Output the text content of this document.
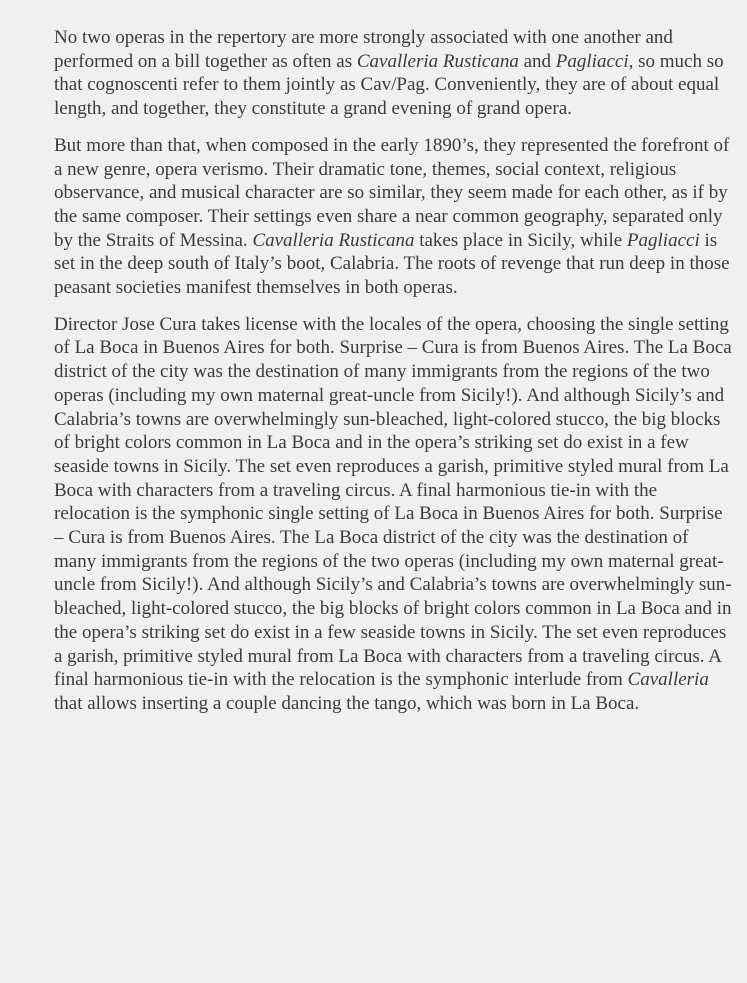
No two operas in the repertory are more strongly associated with one another and performed on a bill together as often as Cavalleria Rusticana and Pagliacci, so much so that cognoscenti refer to them jointly as Cav/Pag. Conveniently, they are of about equal length, and together, they constitute a grand evening of grand opera.

But more than that, when composed in the early 1890’s, they represented the forefront of a new genre, opera verismo. Their dramatic tone, themes, social context, religious observance, and musical character are so similar, they seem made for each other, as if by the same composer. Their settings even share a near common geography, separated only by the Straits of Messina. Cavalleria Rusticana takes place in Sicily, while Pagliacci is set in the deep south of Italy’s boot, Calabria. The roots of revenge that run deep in those peasant societies manifest themselves in both operas.

Director Jose Cura takes license with the locales of the opera, choosing the single setting of La Boca in Buenos Aires for both. Surprise – Cura is from Buenos Aires. The La Boca district of the city was the destination of many immigrants from the regions of the two operas (including my own maternal great-uncle from Sicily!). And although Sicily’s and Calabria’s towns are overwhelmingly sun-bleached, light-colored stucco, the big blocks of bright colors common in La Boca and in the opera’s striking set do exist in a few seaside towns in Sicily. The set even reproduces a garish, primitive styled mural from La Boca with characters from a traveling circus. A final harmonious tie-in with the relocation is the symphonic single setting of La Boca in Buenos Aires for both. Surprise – Cura is from Buenos Aires. The La Boca district of the city was the destination of many immigrants from the regions of the two operas (including my own maternal great-uncle from Sicily!). And although Sicily’s and Calabria’s towns are overwhelmingly sun-bleached, light-colored stucco, the big blocks of bright colors common in La Boca and in the opera’s striking set do exist in a few seaside towns in Sicily. The set even reproduces a garish, primitive styled mural from La Boca with characters from a traveling circus. A final harmonious tie-in with the relocation is the symphonic interlude from Cavalleria that allows inserting a couple dancing the tango, which was born in La Boca.
